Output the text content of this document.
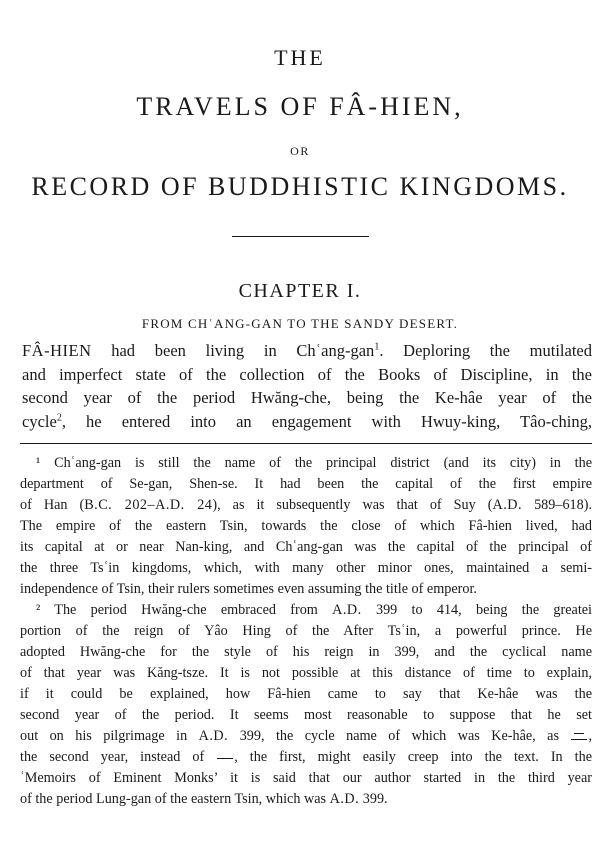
THE
TRAVELS OF FÂ-HIEN,
OR
RECORD OF BUDDHISTIC KINGDOMS.
CHAPTER I.
FROM CHʿANG-GAN TO THE SANDY DESERT.
FÂ-HIEN had been living in Chʿang-gan$^1$. Deploring the mutilated
and imperfect state of the collection of the Books of Discipline, in the
second year of the period Hwăng-che, being the Ke-hâe year of the
cycle$^2$, he entered into an engagement with Hwuy-king, Tâo-ching,
¹ Chʿang-gan is still the name of the principal district (and its city) in the
department of Se-gan, Shen-se. It had been the capital of the first empire
of Han (B.C. 202–A.D. 24), as it subsequently was that of Suy (A.D. 589–618).
The empire of the eastern Tsin, towards the close of which Fâ-hien lived, had
its capital at or near Nan-king, and Chʿang-gan was the capital of the principal of
the three Tsʿin kingdoms, which, with many other minor ones, maintained a semi-
independence of Tsin, their rulers sometimes even assuming the title of emperor.
² The period Hwăng-che embraced from A.D. 399 to 414, being the greatei
portion of the reign of Yâo Hing of the After Tsʿin, a powerful prince. He
adopted Hwăng-che for the style of his reign in 399, and the cyclical name
of that year was Kăng-tsze. It is not possible at this distance of time to explain,
if it could be explained, how Fâ-hien came to say that Ke-hâe was the
second year of the period. It seems most reasonable to suppose that he set
out on his pilgrimage in A.D. 399, the cycle name of which was Ke-hâe, as ,
the second year, instead of , the first, might easily creep into the text. In the
ʿMemoirs of Eminent Monks’ it is said that our author started in the third year
of the period Lung-gan of the eastern Tsin, which was A.D. 399.
